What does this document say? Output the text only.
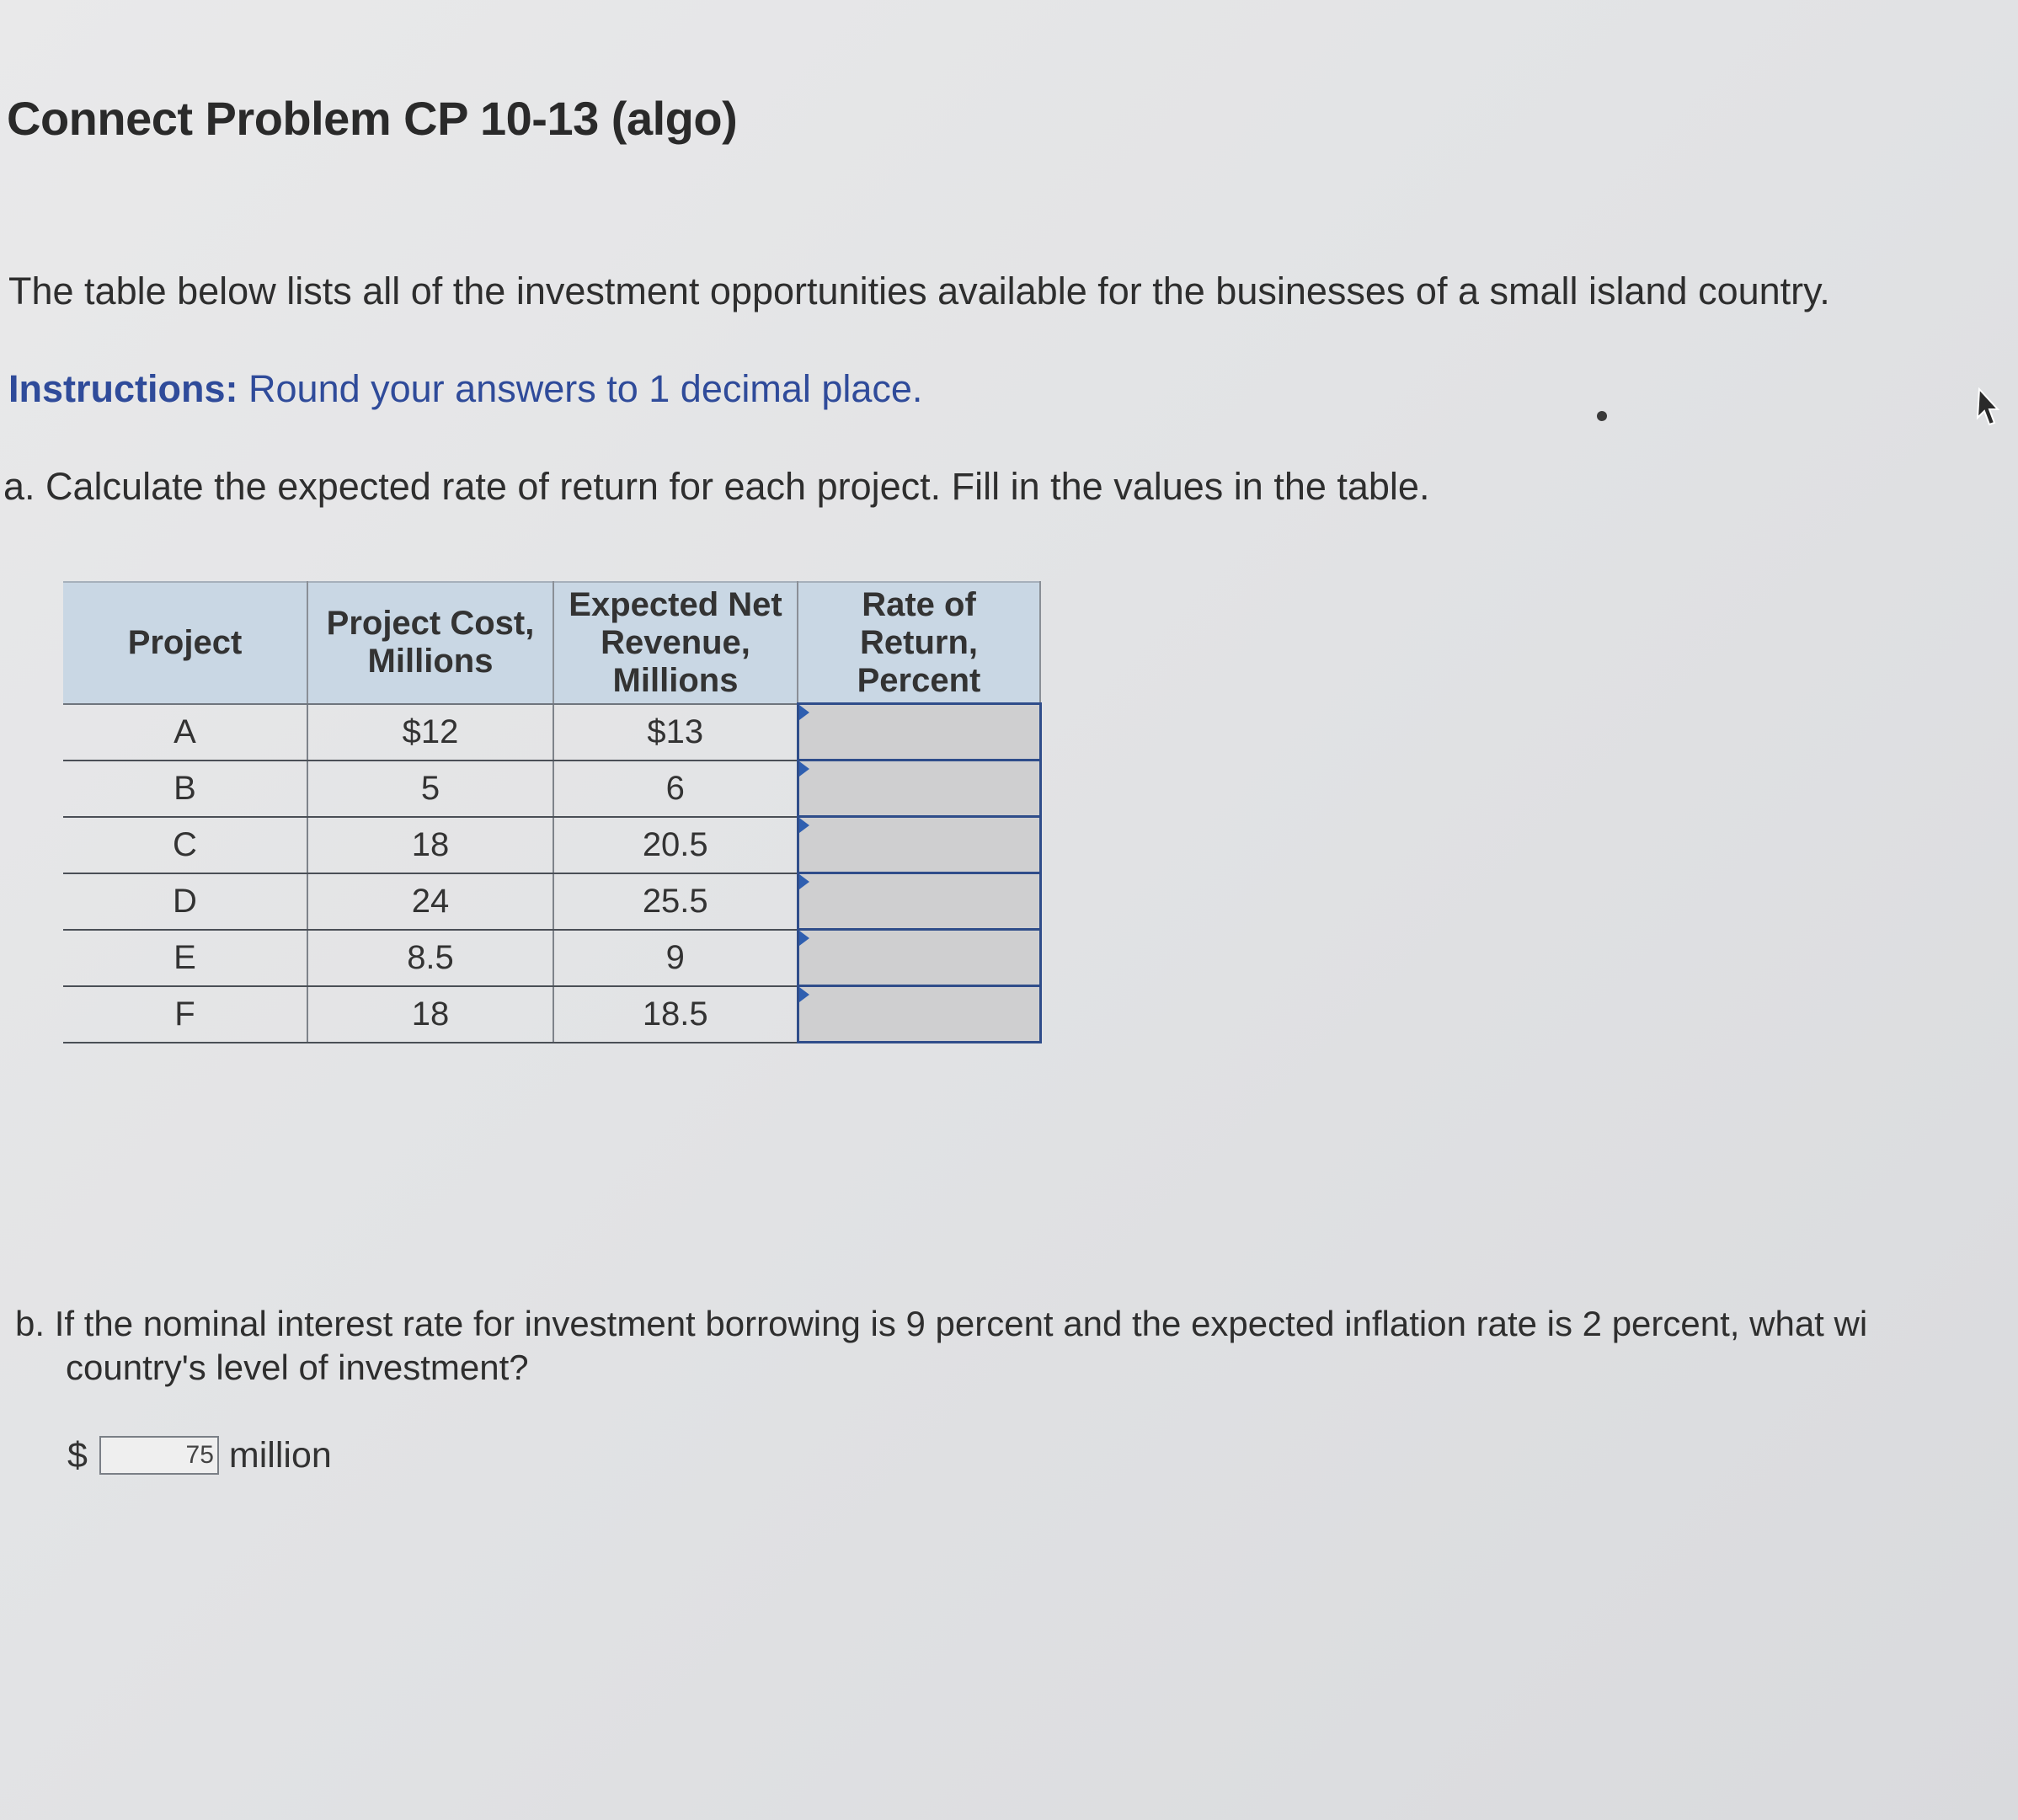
Connect Problem CP 10-13 (algo)
The table below lists all of the investment opportunities available for the businesses of a small island country.
Instructions: Round your answers to 1 decimal place.
a. Calculate the expected rate of return for each project. Fill in the values in the table.
Project	Project Cost, Millions	Expected Net Revenue, Millions	Rate of Return, Percent
A	$12	$13	

B	5	6	

C	18	20.5	

D	24	25.5	

E	8.5	9	

F	18	18.5	
b. If the nominal interest rate for investment borrowing is 9 percent and the expected inflation rate is 2 percent, what wi
country's level of investment?
$
75	million
